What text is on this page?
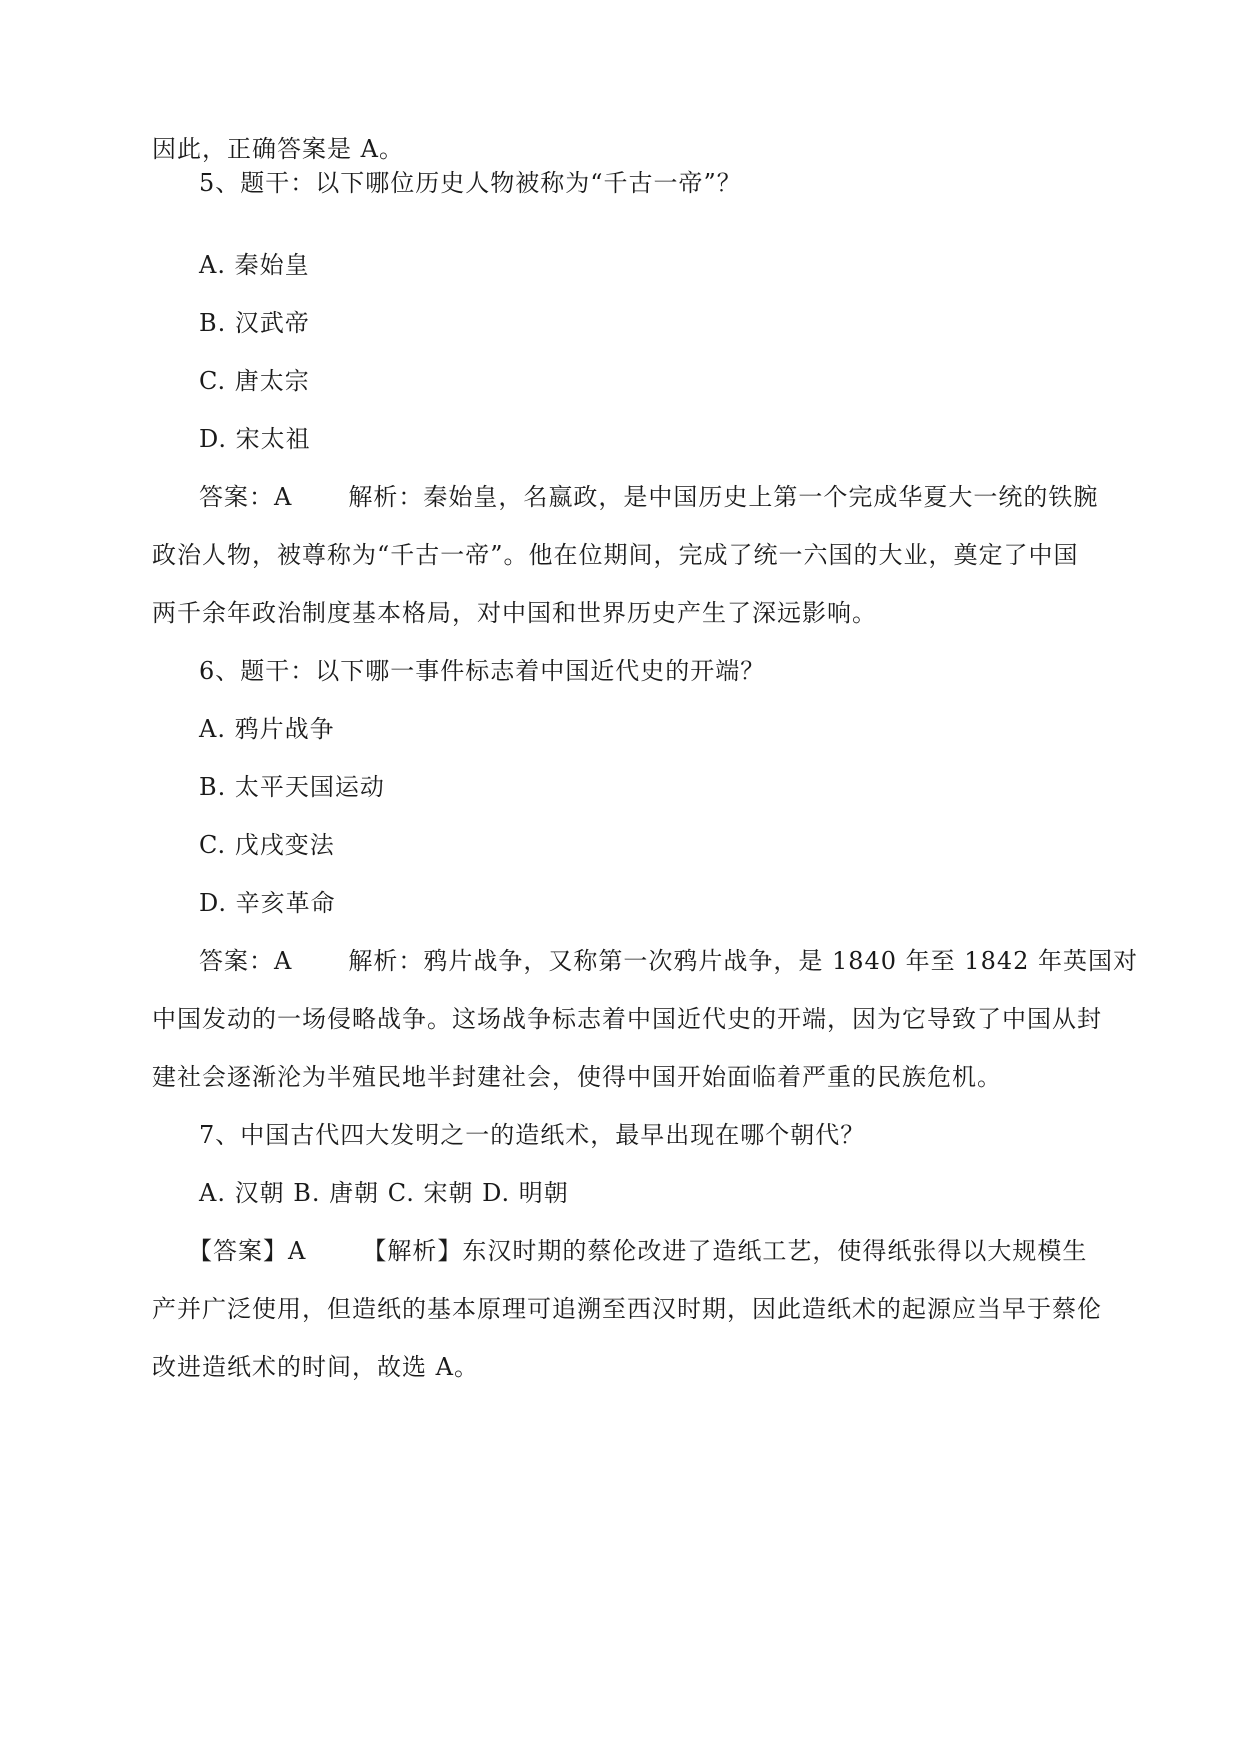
因此，正确答案是 A。
5、题干：以下哪位历史人物被称为“千古一帝”？
A. 秦始皇
B. 汉武帝
C. 唐太宗
D. 宋太祖
答案：A 解析：秦始皇，名嬴政，是中国历史上第一个完成华夏大一统的铁腕
政治人物，被尊称为“千古一帝”。他在位期间，完成了统一六国的大业，奠定了中国
两千余年政治制度基本格局，对中国和世界历史产生了深远影响。
6、题干：以下哪一事件标志着中国近代史的开端？
A. 鸦片战争
B. 太平天国运动
C. 戊戌变法
D. 辛亥革命
答案：A 解析：鸦片战争，又称第一次鸦片战争，是 1840 年至 1842 年英国对
中国发动的一场侵略战争。这场战争标志着中国近代史的开端，因为它导致了中国从封
建社会逐渐沦为半殖民地半封建社会，使得中国开始面临着严重的民族危机。
7、中国古代四大发明之一的造纸术，最早出现在哪个朝代？
A. 汉朝 B. 唐朝 C. 宋朝 D. 明朝
【答案】A 【解析】东汉时期的蔡伦改进了造纸工艺，使得纸张得以大规模生
产并广泛使用，但造纸的基本原理可追溯至西汉时期，因此造纸术的起源应当早于蔡伦
改进造纸术的时间，故选 A。
